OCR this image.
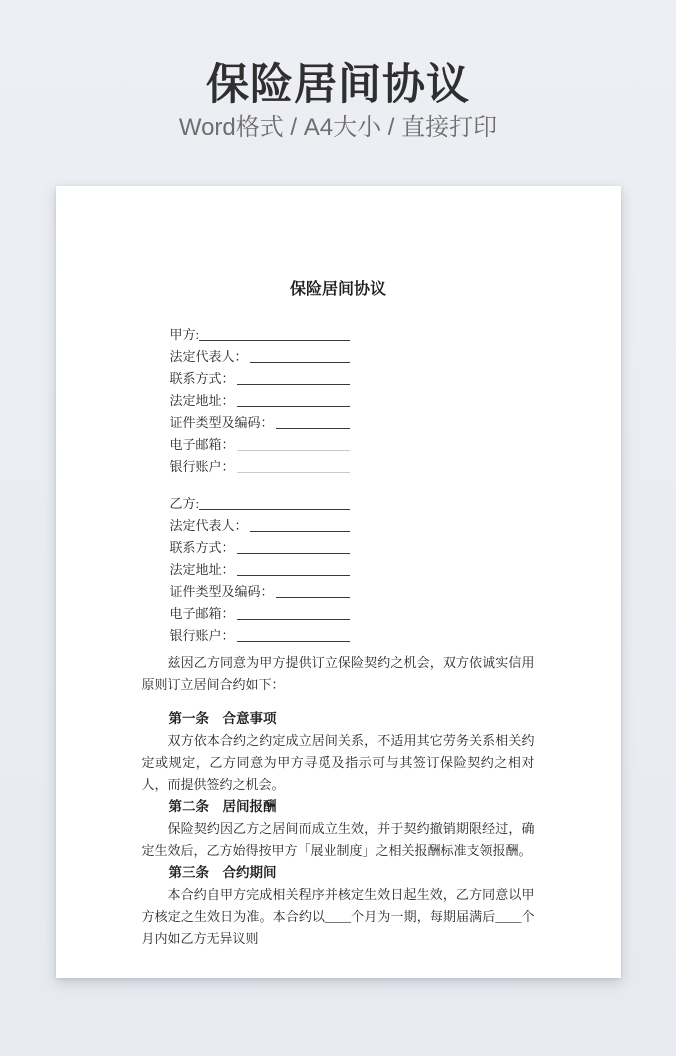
保险居间协议

Word格式 / A4大小 / 直接打印

保险居间协议
甲方:
法定代表人：
联系方式：
法定地址：
证件类型及编码：
电子邮箱：
银行账户：
乙方:
法定代表人：
联系方式：
法定地址：
证件类型及编码：
电子邮箱：
银行账户：

兹因乙方同意为甲方提供订立保险契约之机会，双方依诚实信用原则订立居间合约如下：

第一条　合意事项

双方依本合约之约定成立居间关系，不适用其它劳务关系相关约定或规定，乙方同意为甲方寻觅及指示可与其签订保险契约之相对人，而提供签约之机会。

第二条　居间报酬

保险契约因乙方之居间而成立生效，并于契约撤销期限经过，确定生效后，乙方始得按甲方「展业制度」之相关报酬标准支领报酬。

第三条　合约期间

本合约自甲方完成相关程序并核定生效日起生效，乙方同意以甲方核定之生效日为准。本合约以____个月为一期，每期届满后____个月内如乙方无异议则
